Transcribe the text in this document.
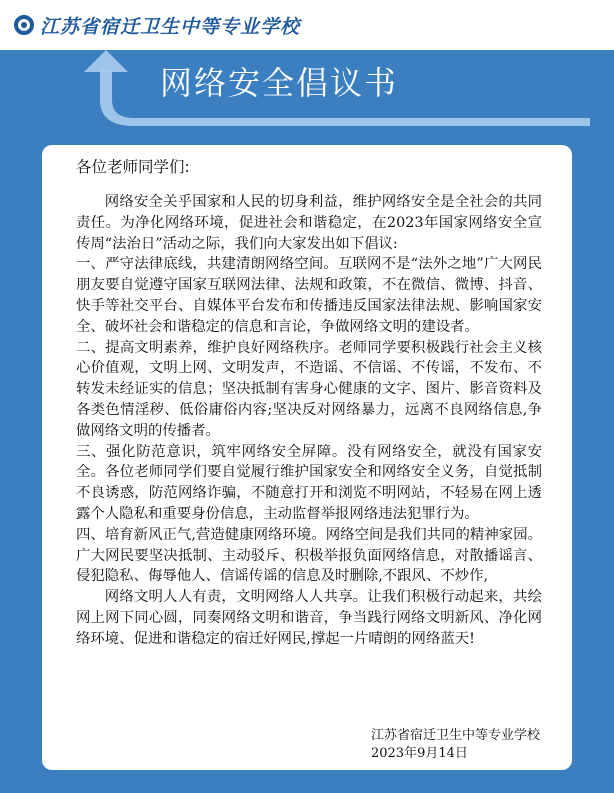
江苏省宿迁卫生中等专业学校
网络安全倡议书
各位老师同学们:

网络安全关乎国家和人民的切身利益，维护网络安全是全社会的共同责任。为净化网络环境，促进社会和谐稳定，在2023年国家网络安全宣传周“法治日”活动之际，我们向大家发出如下倡议:

一、严守法律底线，共建清朗网络空间。互联网不是“法外之地”广大网民朋友要自觉遵守国家互联网法律、法规和政策，不在微信、微博、抖音、快手等社交平台、自媒体平台发布和传播违反国家法律法规、影响国家安全、破坏社会和谐稳定的信息和言论，争做网络文明的建设者。

二、提高文明素养，维护良好网络秩序。老师同学要积极践行社会主义核心价值观，文明上网、文明发声，不造谣、不信谣、不传谣，不发布、不转发未经证实的信息；坚决抵制有害身心健康的文字、图片、影音资料及各类色情淫秽、低俗庸俗内容;坚决反对网络暴力，远离不良网络信息,争做网络文明的传播者。

三、强化防范意识，筑牢网络安全屏障。没有网络安全，就没有国家安全。各位老师同学们要自觉履行维护国家安全和网络安全义务，自觉抵制不良诱惑，防范网络诈骗，不随意打开和浏览不明网站，不轻易在网上透露个人隐私和重要身份信息，主动监督举报网络违法犯罪行为。

四、培育新风正气,营造健康网络环境。网络空间是我们共同的精神家园。广大网民要坚决抵制、主动驳斥、积极举报负面网络信息，对散播谣言、侵犯隐私、侮辱他人、信谣传谣的信息及时删除,不跟风、不炒作,

网络文明人人有责，文明网络人人共享。让我们积极行动起来，共绘网上网下同心圆，同奏网络文明和谐音，争当践行网络文明新风、净化网络环境、促进和谐稳定的宿迁好网民,撑起一片晴朗的网络蓝天!

江苏省宿迁卫生中等专业学校
2023年9月14日
